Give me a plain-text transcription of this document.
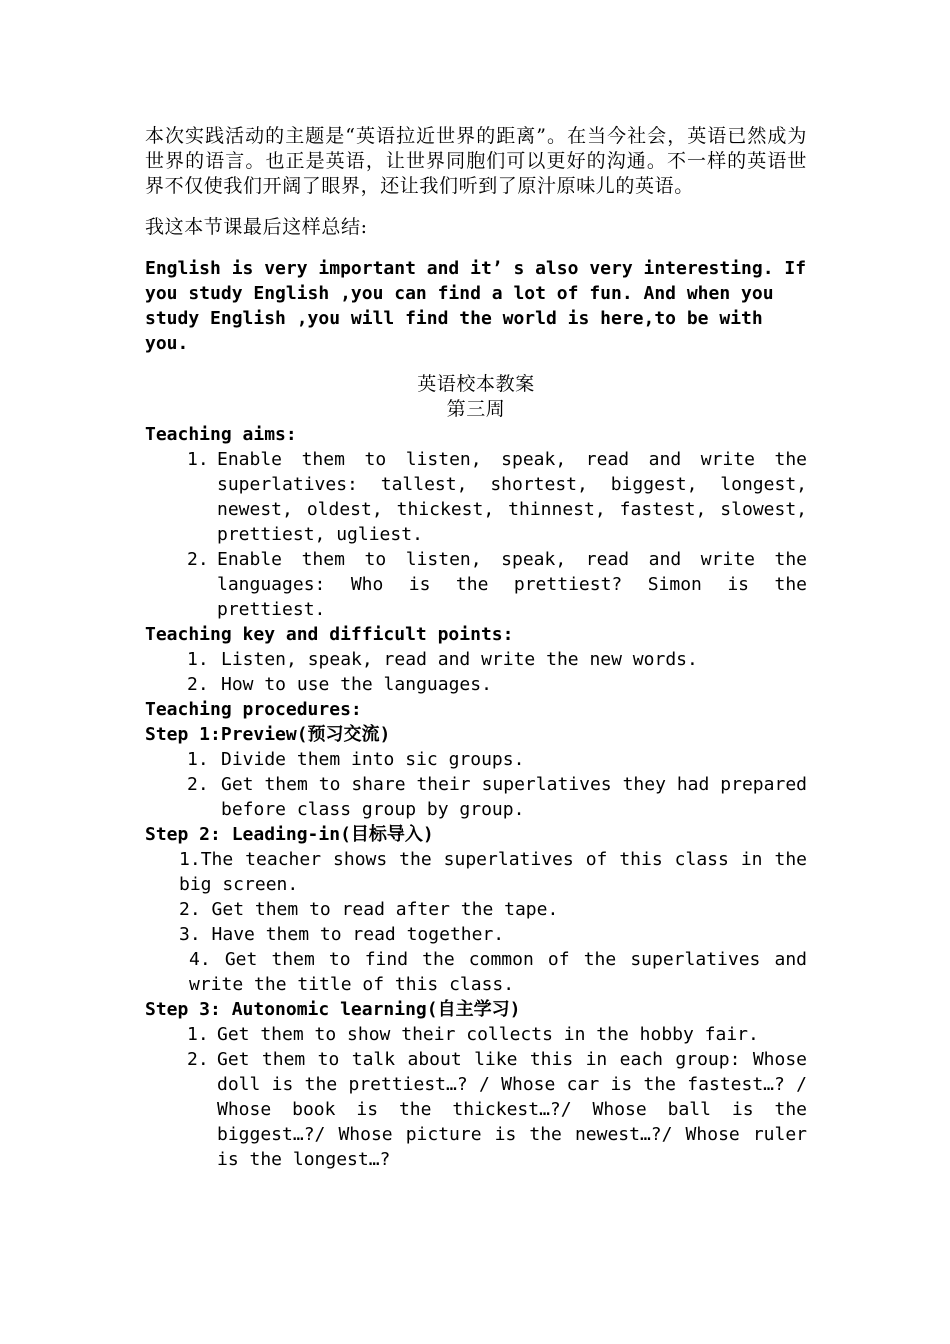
本次实践活动的主题是“英语拉近世界的距离”。在当今社会，英语已然成为世界的语言。也正是英语，让世界同胞们可以更好的沟通。不一样的英语世界不仅使我们开阔了眼界，还让我们听到了原汁原味儿的英语。

我这本节课最后这样总结:

English is very important and it’ s also very interesting. If you study English ,you can find a lot of fun. And when you study English ,you will find the world is here,to be with you.

英语校本教案

第三周

Teaching aims:

1. Enable them to listen, speak, read and write the superlatives: tallest, shortest, biggest, longest, newest, oldest, thickest, thinnest, fastest, slowest, prettiest, ugliest.
2. Enable them to listen, speak, read and write the languages: Who is the prettiest? Simon is the prettiest.

Teaching key and difficult points:

1. Listen, speak, read and write the new words.
2. How to use the languages.

Teaching procedures:

Step 1:Preview(预习交流)

1. Divide them into sic groups.
2. Get them to share their superlatives they had prepared before class group by group.

Step 2: Leading-in(目标导入)

1.The teacher shows the superlatives of this class in the big screen.

2. Get them to read after the tape.

3. Have them to read together.

4. Get them to find the common of the superlatives and write the title of this class.

Step 3: Autonomic learning(自主学习)

1. Get them to show their collects in the hobby fair.
2. Get them to talk about like this in each group: Whose doll is the prettiest…? / Whose car is the fastest…? / Whose book is the thickest…?/ Whose ball is the biggest…?/ Whose picture is the newest…?/ Whose ruler is the longest…?
